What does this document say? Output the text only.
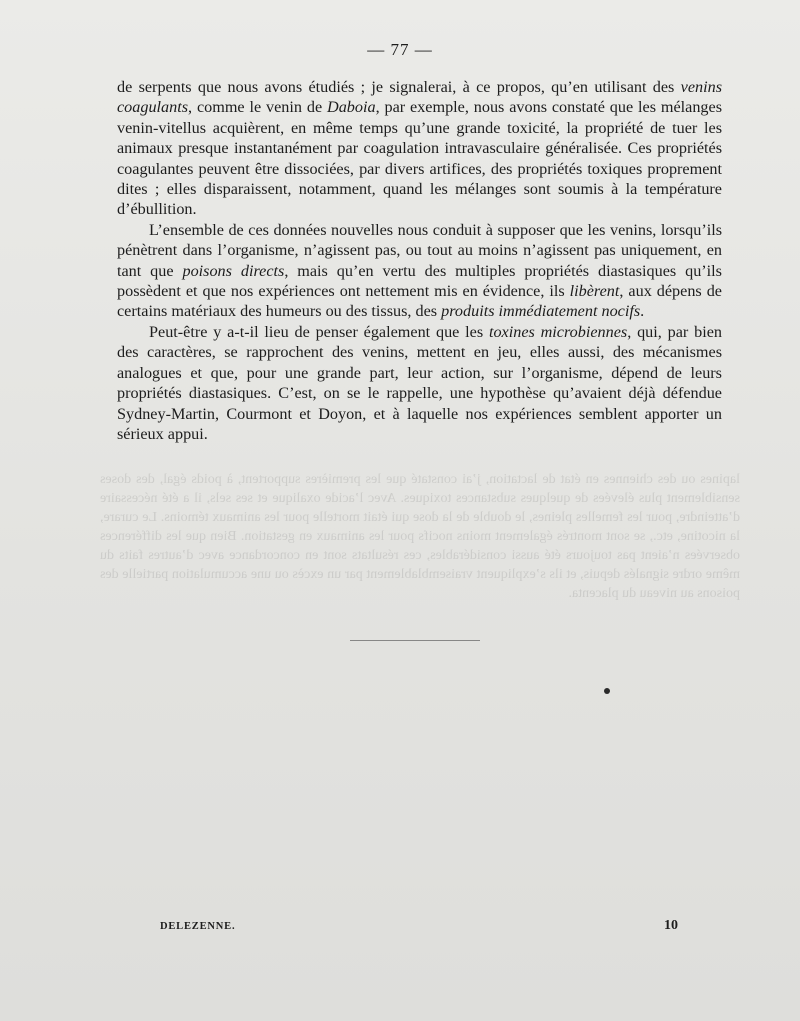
— 77 —

de serpents que nous avons étudiés ; je signalerai, à ce propos, qu’en utilisant des venins coagulants, comme le venin de Daboia, par exemple, nous avons constaté que les mélanges venin-vitellus acquièrent, en même temps qu’une grande toxicité, la propriété de tuer les animaux presque instantanément par coagulation intravasculaire généralisée. Ces propriétés coagulantes peuvent être dissociées, par divers artifices, des propriétés toxiques proprement dites ; elles disparaissent, notamment, quand les mélanges sont soumis à la température d’ébullition.

L’ensemble de ces données nouvelles nous conduit à supposer que les venins, lorsqu’ils pénètrent dans l’organisme, n’agissent pas, ou tout au moins n’agissent pas uniquement, en tant que poisons directs, mais qu’en vertu des multiples propriétés diastasiques qu’ils possèdent et que nos expériences ont nettement mis en évidence, ils libèrent, aux dépens de certains matériaux des humeurs ou des tissus, des produits immédiatement nocifs.

Peut-être y a-t-il lieu de penser également que les toxines microbiennes, qui, par bien des caractères, se rapprochent des venins, mettent en jeu, elles aussi, des mécanismes analogues et que, pour une grande part, leur action, sur l’organisme, dépend de leurs propriétés diastasiques. C’est, on se le rappelle, une hypothèse qu’avaient déjà défendue Sydney-Martin, Courmont et Doyon, et à laquelle nos expériences semblent apporter un sérieux appui.

lapines ou des chiennes en état de lactation, j’ai constaté que les premières supportent, à poids égal, des doses sensiblement plus élevées de quelques substances toxiques. Avec l’acide oxalique et ses sels, il a été nécessaire d’atteindre, pour les femelles pleines, le double de la dose qui était mortelle pour les animaux témoins. Le curare, la nicotine, etc., se sont montrés également moins nocifs pour les animaux en gestation. Bien que les différences observées n’aient pas toujours été aussi considérables, ces résultats sont en concordance avec d’autres faits du même ordre signalés depuis, et ils s’expliquent vraisemblablement par un excès ou une accumulation partielle des poisons au niveau du placenta.
DELEZENNE.	10
